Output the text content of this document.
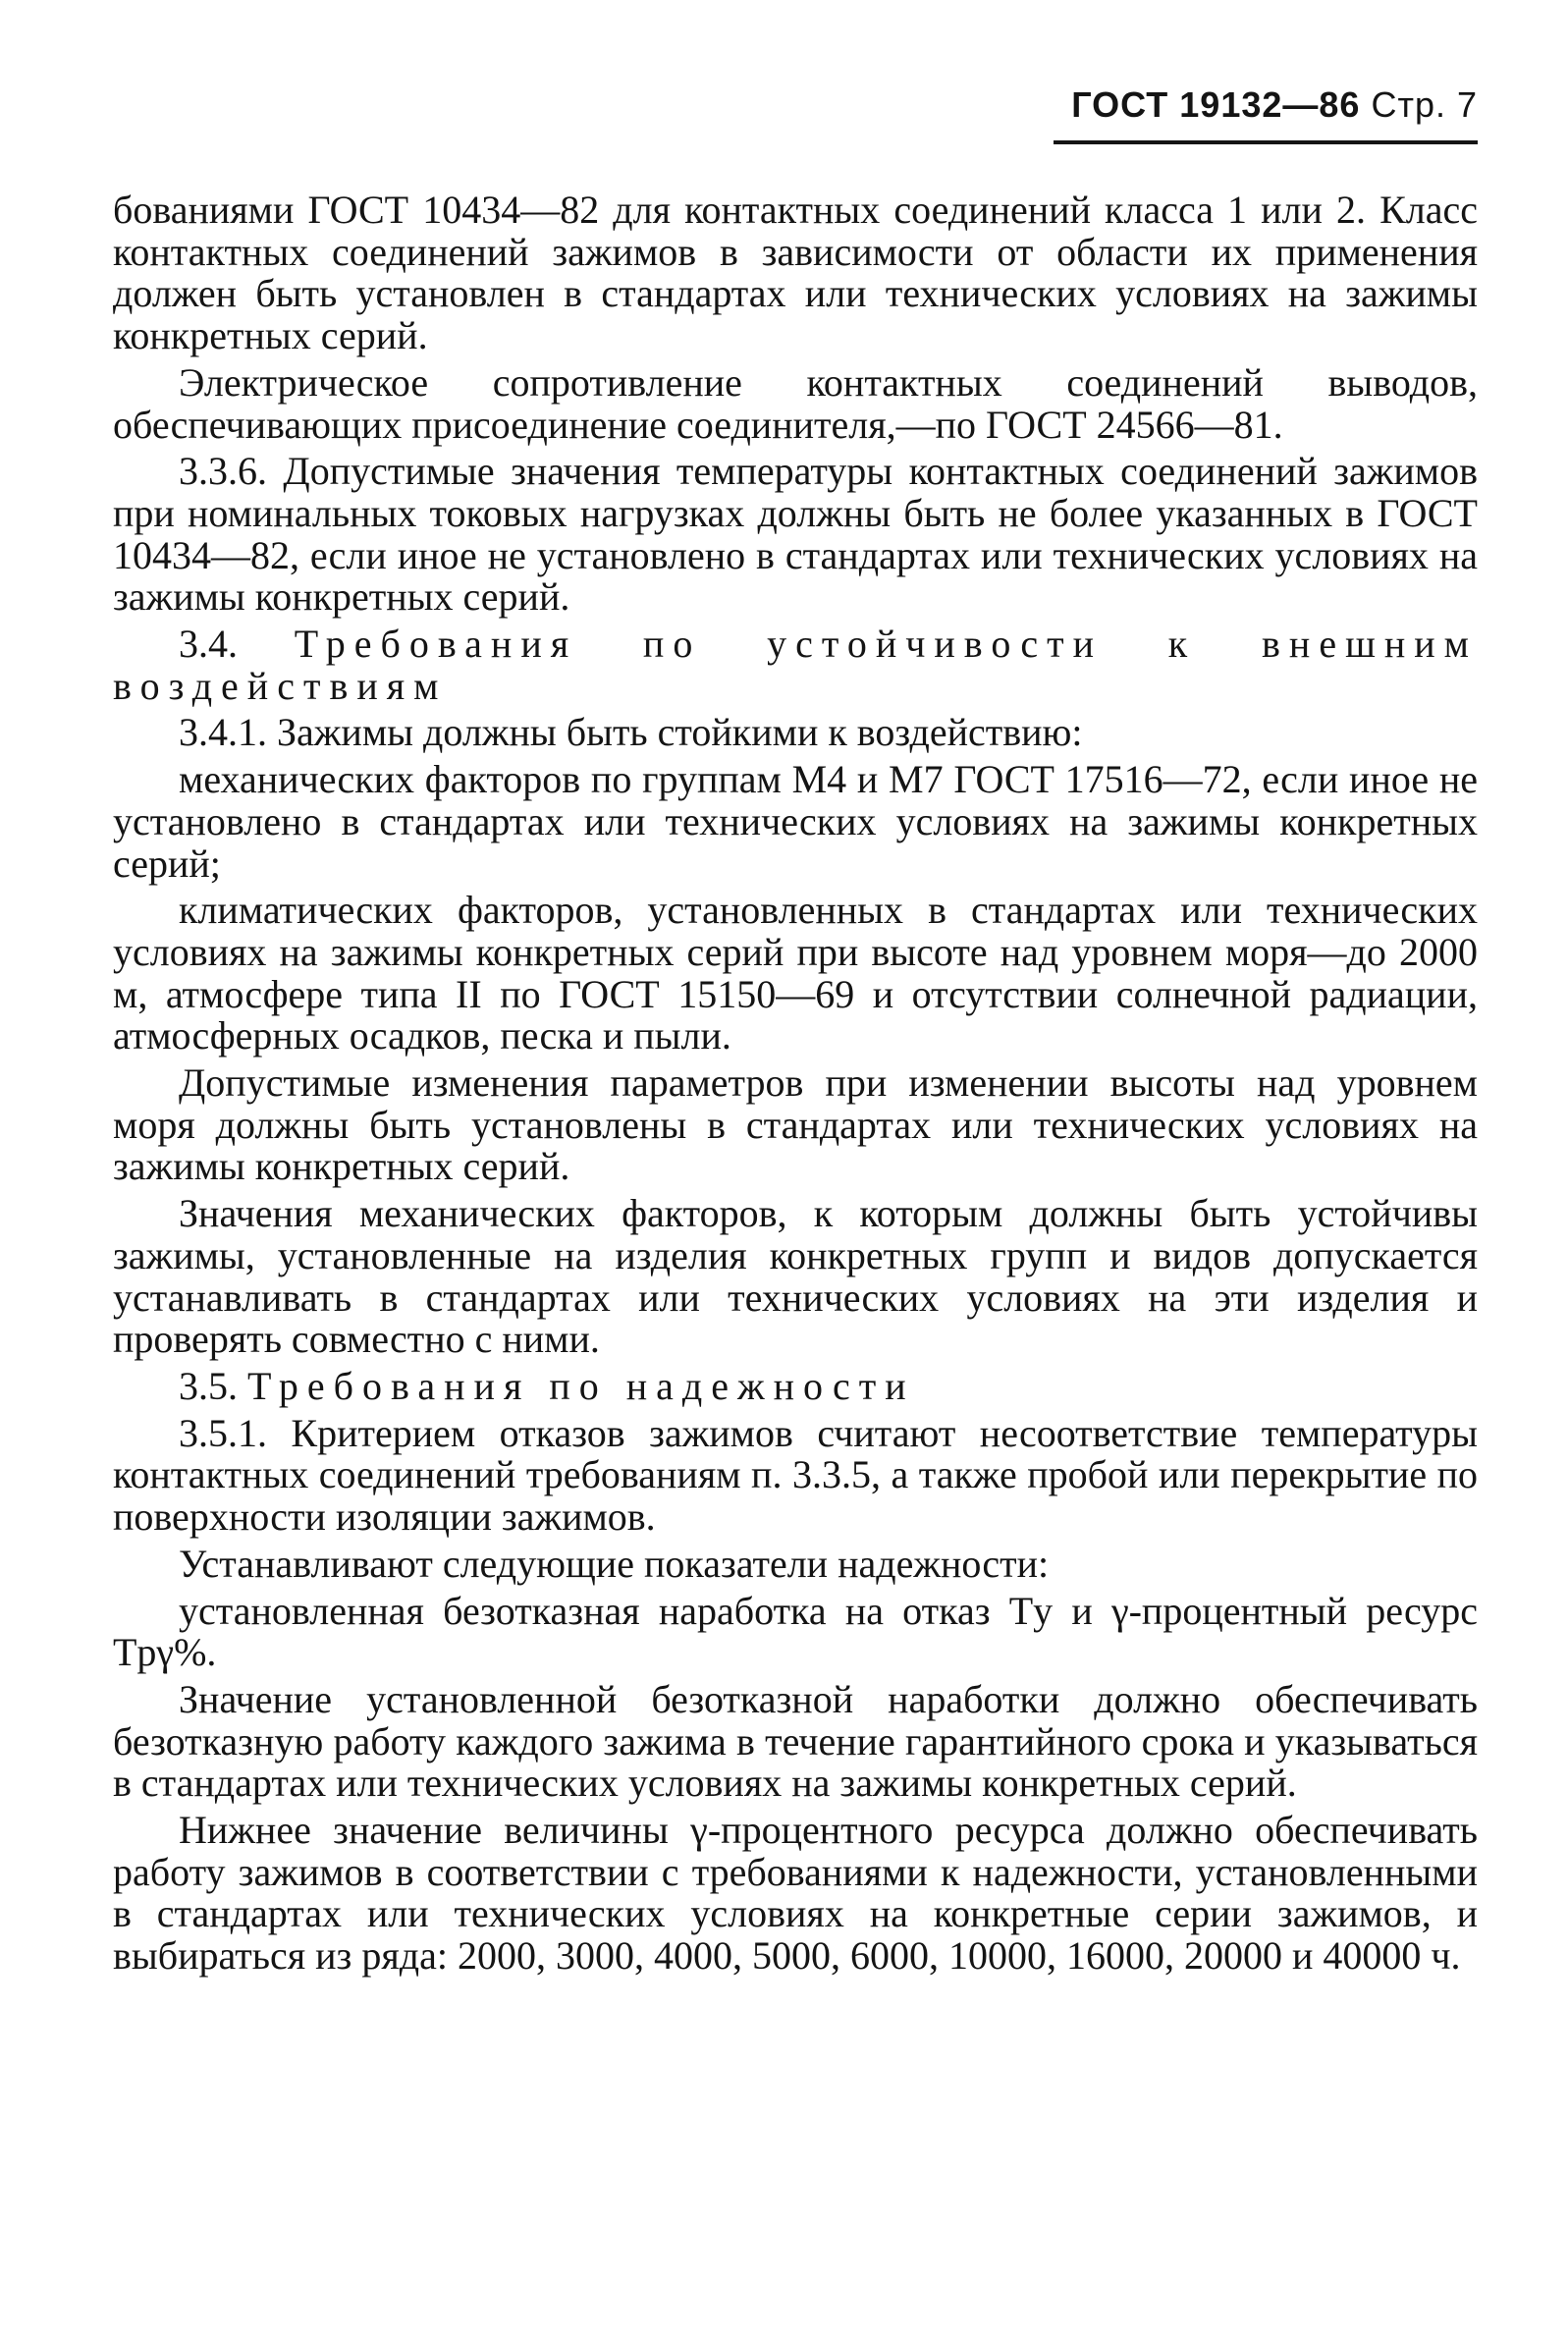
ГОСТ 19132—86 Стр. 7

бованиями ГОСТ 10434—82 для контактных соединений класса 1 или 2. Класс контактных соединений зажимов в зависимости от области их применения должен быть установлен в стандартах или технических условиях на зажимы конкретных серий.

Электрическое сопротивление контактных соединений выводов, обеспечивающих присоединение соединителя,—по ГОСТ 24566—81.

3.3.6. Допустимые значения температуры контактных соединений зажимов при номинальных токовых нагрузках должны быть не более указанных в ГОСТ 10434—82, если иное не установлено в стандартах или технических условиях на зажимы конкретных серий.

3.4. Требования по устойчивости к внешним воздействиям

3.4.1. Зажимы должны быть стойкими к воздействию:

механических факторов по группам М4 и М7 ГОСТ 17516—72, если иное не установлено в стандартах или технических условиях на зажимы конкретных серий;

климатических факторов, установленных в стандартах или технических условиях на зажимы конкретных серий при высоте над уровнем моря—до 2000 м, атмосфере типа II по ГОСТ 15150—69 и отсутствии солнечной радиации, атмосферных осадков, песка и пыли.

Допустимые изменения параметров при изменении высоты над уровнем моря должны быть установлены в стандартах или технических условиях на зажимы конкретных серий.

Значения механических факторов, к которым должны быть устойчивы зажимы, установленные на изделия конкретных групп и видов допускается устанавливать в стандартах или технических условиях на эти изделия и проверять совместно с ними.

3.5. Требования по надежности

3.5.1. Критерием отказов зажимов считают несоответствие температуры контактных соединений требованиям п. 3.3.5, а также пробой или перекрытие по поверхности изоляции зажимов.

Устанавливают следующие показатели надежности:

установленная безотказная наработка на отказ Tу и γ-процентный ресурс Tpγ%.

Значение установленной безотказной наработки должно обеспечивать безотказную работу каждого зажима в течение гарантийного срока и указываться в стандартах или технических условиях на зажимы конкретных серий.

Нижнее значение величины γ-процентного ресурса должно обеспечивать работу зажимов в соответствии с требованиями к надежности, установленными в стандартах или технических условиях на конкретные серии зажимов, и выбираться из ряда: 2000, 3000, 4000, 5000, 6000, 10000, 16000, 20000 и 40000 ч.
